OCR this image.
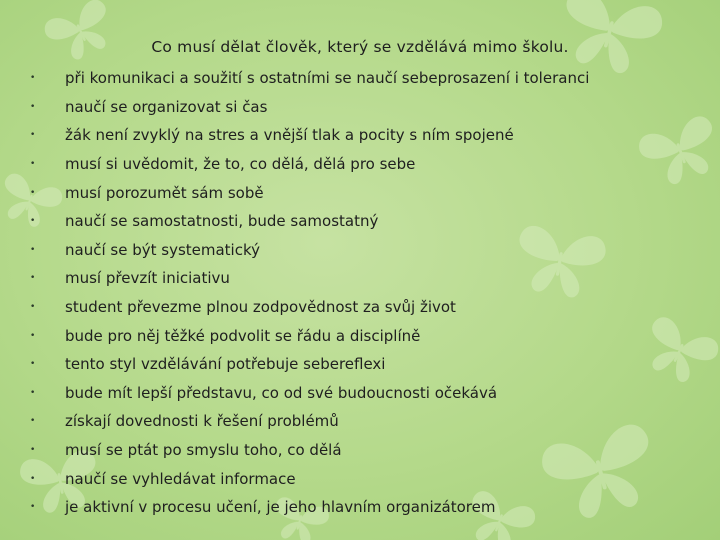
Co musí dělat člověk, který se vzdělává mimo školu.
•	při komunikaci a soužití s ostatními se naučí sebeprosazení i toleranci
•	naučí se organizovat si čas
•	žák není zvyklý na stres a vnější tlak a pocity s ním spojené
•	musí si uvědomit, že to, co dělá, dělá pro sebe
•	musí porozumět sám sobě
•	naučí se samostatnosti, bude samostatný
•	naučí se být systematický
•	musí převzít iniciativu
•	student převezme plnou zodpovědnost za svůj život
•	bude pro něj těžké podvolit se řádu a disciplíně
•	tento styl vzdělávání potřebuje sebereflexi
•	bude mít lepší představu, co od své budoucnosti očekává
•	získají dovednosti k řešení problémů
•	musí se ptát po smyslu toho, co dělá
•	naučí se vyhledávat informace
•	je aktivní v procesu učení, je jeho hlavním organizátorem
